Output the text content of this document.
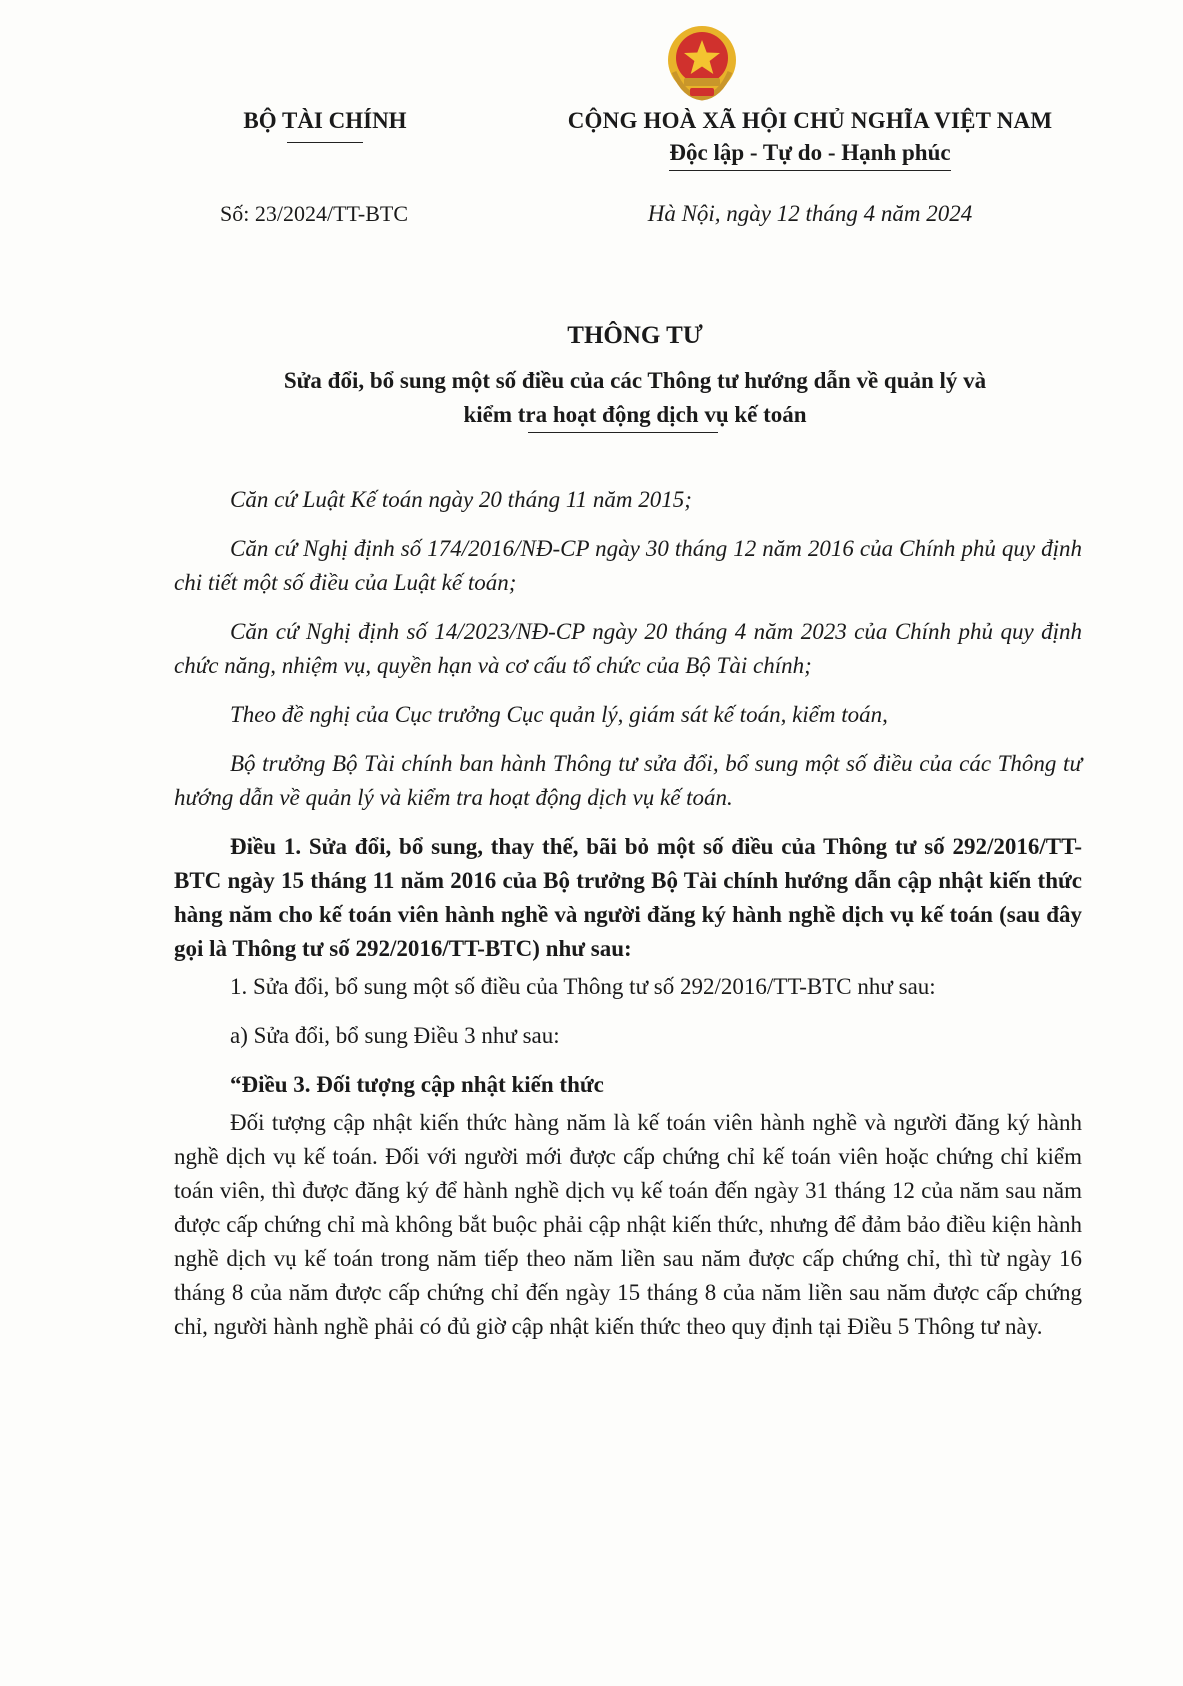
BỘ TÀI CHÍNH	CỘNG HOÀ XÃ HỘI CHỦ NGHĨA VIỆT NAM
Độc lập - Tự do - Hạnh phúc
Số: 23/2024/TT-BTC	Hà Nội, ngày 12 tháng 4 năm 2024
THÔNG TƯ
Sửa đổi, bổ sung một số điều của các Thông tư hướng dẫn về quản lý và
kiểm tra hoạt động dịch vụ kế toán

Căn cứ Luật Kế toán ngày 20 tháng 11 năm 2015;

Căn cứ Nghị định số 174/2016/NĐ-CP ngày 30 tháng 12 năm 2016 của Chính phủ quy định chi tiết một số điều của Luật kế toán;

Căn cứ Nghị định số 14/2023/NĐ-CP ngày 20 tháng 4 năm 2023 của Chính phủ quy định chức năng, nhiệm vụ, quyền hạn và cơ cấu tổ chức của Bộ Tài chính;

Theo đề nghị của Cục trưởng Cục quản lý, giám sát kế toán, kiểm toán,

Bộ trưởng Bộ Tài chính ban hành Thông tư sửa đổi, bổ sung một số điều của các Thông tư hướng dẫn về quản lý và kiểm tra hoạt động dịch vụ kế toán.

Điều 1. Sửa đổi, bổ sung, thay thế, bãi bỏ một số điều của Thông tư số 292/2016/TT-BTC ngày 15 tháng 11 năm 2016 của Bộ trưởng Bộ Tài chính hướng dẫn cập nhật kiến thức hàng năm cho kế toán viên hành nghề và người đăng ký hành nghề dịch vụ kế toán (sau đây gọi là Thông tư số 292/2016/TT-BTC) như sau:

1. Sửa đổi, bổ sung một số điều của Thông tư số 292/2016/TT-BTC như sau:

a) Sửa đổi, bổ sung Điều 3 như sau:

“Điều 3. Đối tượng cập nhật kiến thức

Đối tượng cập nhật kiến thức hàng năm là kế toán viên hành nghề và người đăng ký hành nghề dịch vụ kế toán. Đối với người mới được cấp chứng chỉ kế toán viên hoặc chứng chỉ kiểm toán viên, thì được đăng ký để hành nghề dịch vụ kế toán đến ngày 31 tháng 12 của năm sau năm được cấp chứng chỉ mà không bắt buộc phải cập nhật kiến thức, nhưng để đảm bảo điều kiện hành nghề dịch vụ kế toán trong năm tiếp theo năm liền sau năm được cấp chứng chỉ, thì từ ngày 16 tháng 8 của năm được cấp chứng chỉ đến ngày 15 tháng 8 của năm liền sau năm được cấp chứng chỉ, người hành nghề phải có đủ giờ cập nhật kiến thức theo quy định tại Điều 5 Thông tư này.
